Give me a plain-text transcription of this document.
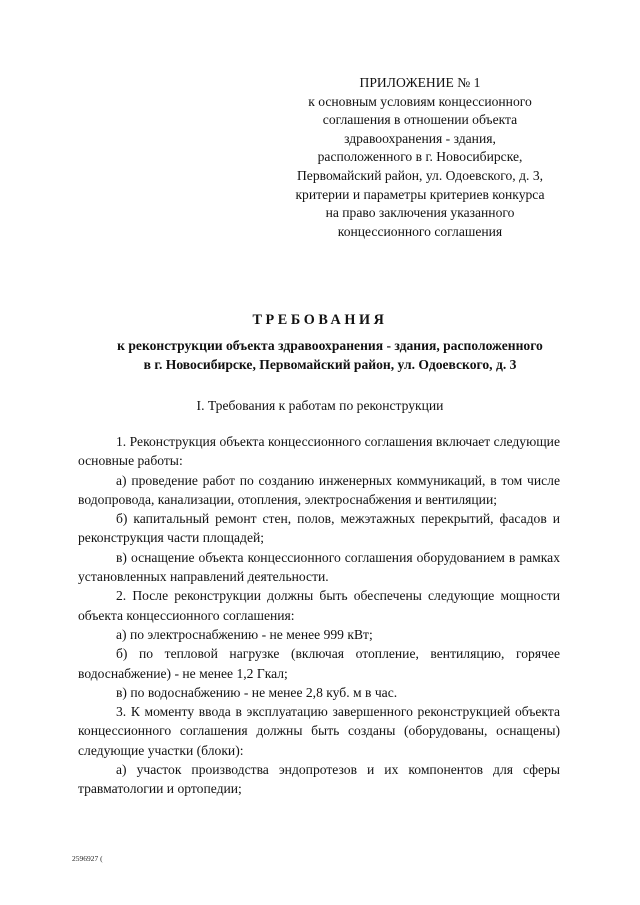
ПРИЛОЖЕНИЕ № 1
к основным условиям концессионного
соглашения в отношении объекта
здравоохранения - здания,
расположенного в г. Новосибирске,
Первомайский район, ул. Одоевского, д. 3,
критерии и параметры критериев конкурса
на право заключения указанного
концессионного соглашения
ТРЕБОВАНИЯ
к реконструкции объекта здравоохранения - здания, расположенного
в г. Новосибирске, Первомайский район, ул. Одоевского, д. 3
I. Требования к работам по реконструкции

1. Реконструкция объекта концессионного соглашения включает следующие основные работы:

а) проведение работ по созданию инженерных коммуникаций, в том числе водопровода, канализации, отопления, электроснабжения и вентиляции;

б) капитальный ремонт стен, полов, межэтажных перекрытий, фасадов и реконструкция части площадей;

в) оснащение объекта концессионного соглашения оборудованием в рамках установленных направлений деятельности.

2. После реконструкции должны быть обеспечены следующие мощности объекта концессионного соглашения:

а) по электроснабжению - не менее 999 кВт;

б) по тепловой нагрузке (включая отопление, вентиляцию, горячее водоснабжение) - не менее 1,2 Гкал;

в) по водоснабжению - не менее 2,8 куб. м в час.

3. К моменту ввода в эксплуатацию завершенного реконструкцией объекта концессионного соглашения должны быть созданы (оборудованы, оснащены) следующие участки (блоки):

а) участок производства эндопротезов и их компонентов для сферы травматологии и ортопедии;

2596927 (
